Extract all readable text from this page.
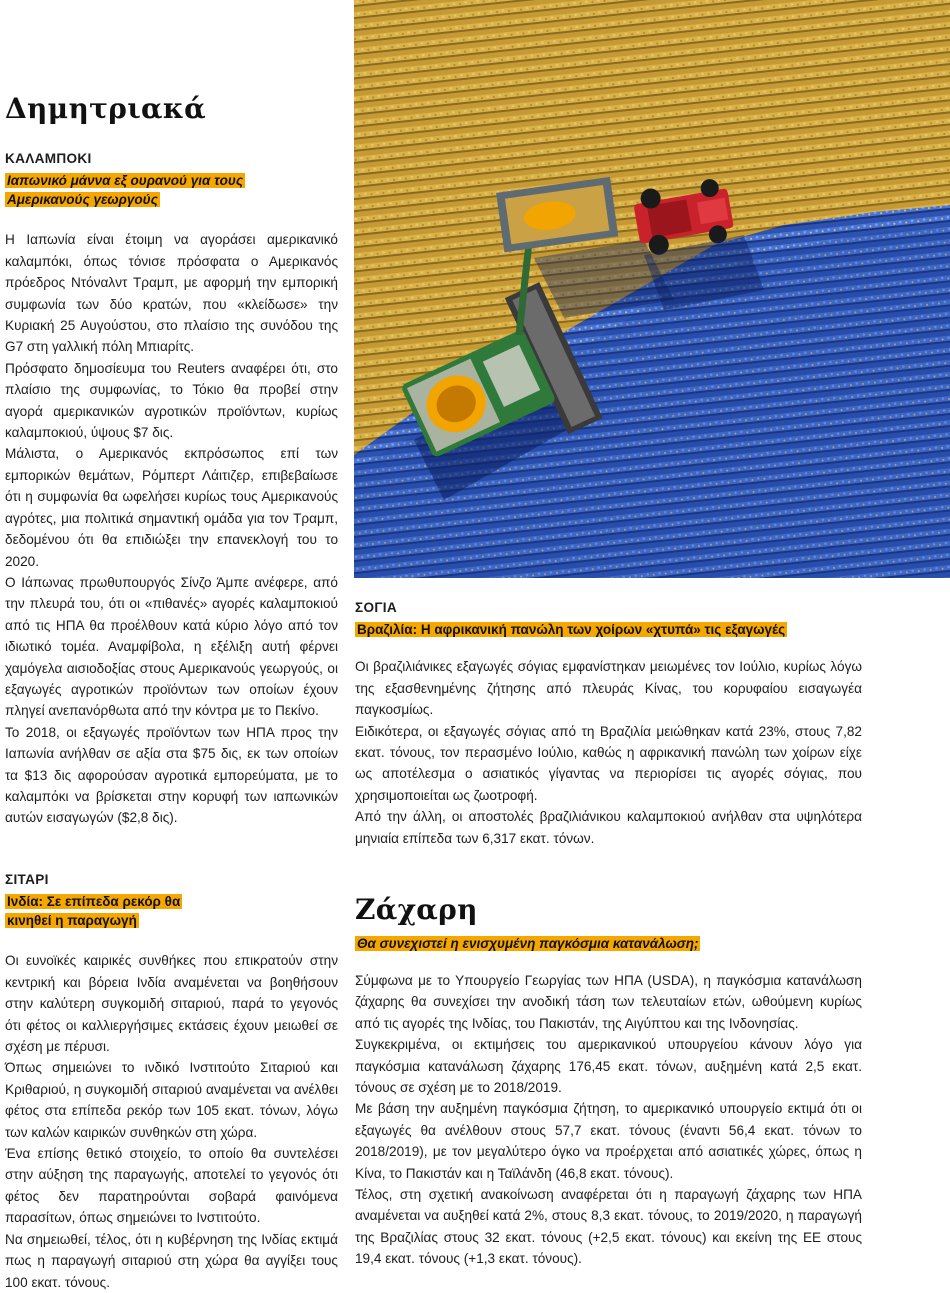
Δημητριακά

ΚΑΛΑΜΠΟΚΙ

Ιαπωνικό μάννα εξ ουρανού για τους Αμερικανούς γεωργούς

Η Ιαπωνία είναι έτοιμη να αγοράσει αμερικανικό καλαμπόκι, όπως τόνισε πρόσφατα ο Αμερικανός πρόεδρος Ντόναλντ Τραμπ, με αφορμή την εμπορική συμφωνία των δύο κρατών, που «κλείδωσε» την Κυριακή 25 Αυγούστου, στο πλαίσιο της συνόδου της G7 στη γαλλική πόλη Μπιαρίτς.

Πρόσφατο δημοσίευμα του Reuters αναφέρει ότι, στο πλαίσιο της συμφωνίας, το Τόκιο θα προβεί στην αγορά αμερικανικών αγροτικών προϊόντων, κυρίως καλαμποκιού, ύψους $7 δις.

Μάλιστα, ο Αμερικανός εκπρόσωπος επί των εμπορικών θεμάτων, Ρόμπερτ Λάιτιζερ, επιβεβαίωσε ότι η συμφωνία θα ωφελήσει κυρίως τους Αμερικανούς αγρότες, μια πολιτικά σημαντική ομάδα για τον Τραμπ, δεδομένου ότι θα επιδιώξει την επανεκλογή του το 2020.

Ο Ιάπωνας πρωθυπουργός Σίνζο Άμπε ανέφερε, από την πλευρά του, ότι οι «πιθανές» αγορές καλαμποκιού από τις ΗΠΑ θα προέλθουν κατά κύριο λόγο από τον ιδιωτικό τομέα. Αναμφίβολα, η εξέλιξη αυτή φέρνει χαμόγελα αισιοδοξίας στους Αμερικανούς γεωργούς, οι εξαγωγές αγροτικών προϊόντων των οποίων έχουν πληγεί ανεπανόρθωτα από την κόντρα με το Πεκίνο.

Το 2018, οι εξαγωγές προϊόντων των ΗΠΑ προς την Ιαπωνία ανήλθαν σε αξία στα $75 δις, εκ των οποίων τα $13 δις αφορούσαν αγροτικά εμπορεύματα, με το καλαμπόκι να βρίσκεται στην κορυφή των ιαπωνικών αυτών εισαγωγών ($2,8 δις).

ΣΙΤΑΡΙ

Ινδία: Σε επίπεδα ρεκόρ θα κινηθεί η παραγωγή

Οι ευνοϊκές καιρικές συνθήκες που επικρατούν στην κεντρική και βόρεια Ινδία αναμένεται να βοηθήσουν στην καλύτερη συγκομιδή σιταριού, παρά το γεγονός ότι φέτος οι καλλιεργήσιμες εκτάσεις έχουν μειωθεί σε σχέση με πέρυσι.

Όπως σημειώνει το ινδικό Ινστιτούτο Σιταριού και Κριθαριού, η συγκομιδή σιταριού αναμένεται να ανέλθει φέτος στα επίπεδα ρεκόρ των 105 εκατ. τόνων, λόγω των καλών καιρικών συνθηκών στη χώρα.

Ένα επίσης θετικό στοιχείο, το οποίο θα συντελέσει στην αύξηση της παραγωγής, αποτελεί το γεγονός ότι φέτος δεν παρατηρούνται σοβαρά φαινόμενα παρασίτων, όπως σημειώνει το Ινστιτούτο.

Να σημειωθεί, τέλος, ότι η κυβέρνηση της Ινδίας εκτιμά πως η παραγωγή σιταριού στη χώρα θα αγγίξει τους 100 εκατ. τόνους.

ΣΟΓΙΑ

Βραζιλία: Η αφρικανική πανώλη των χοίρων «χτυπά» τις εξαγωγές

Οι βραζιλιάνικες εξαγωγές σόγιας εμφανίστηκαν μειωμένες τον Ιούλιο, κυρίως λόγω της εξασθενημένης ζήτησης από πλευράς Κίνας, του κορυφαίου εισαγωγέα παγκοσμίως.

Ειδικότερα, οι εξαγωγές σόγιας από τη Βραζιλία μειώθηκαν κατά 23%, στους 7,82 εκατ. τόνους, τον περασμένο Ιούλιο, καθώς η αφρικανική πανώλη των χοίρων είχε ως αποτέλεσμα ο ασιατικός γίγαντας να περιορίσει τις αγορές σόγιας, που χρησιμοποιείται ως ζωοτροφή.

Από την άλλη, οι αποστολές βραζιλιάνικου καλαμποκιού ανήλθαν στα υψηλότερα μηνιαία επίπεδα των 6,317 εκατ. τόνων.

Ζάχαρη
Θα συνεχιστεί η ενισχυμένη παγκόσμια κατανάλωση;

Σύμφωνα με το Υπουργείο Γεωργίας των ΗΠΑ (USDA), η παγκόσμια κατανάλωση ζάχαρης θα συνεχίσει την ανοδική τάση των τελευταίων ετών, ωθούμενη κυρίως από τις αγορές της Ινδίας, του Πακιστάν, της Αιγύπτου και της Ινδονησίας.

Συγκεκριμένα, οι εκτιμήσεις του αμερικανικού υπουργείου κάνουν λόγο για παγκόσμια κατανάλωση ζάχαρης 176,45 εκατ. τόνων, αυξημένη κατά 2,5 εκατ. τόνους σε σχέση με το 2018/2019.

Με βάση την αυξημένη παγκόσμια ζήτηση, το αμερικανικό υπουργείο εκτιμά ότι οι εξαγωγές θα ανέλθουν στους 57,7 εκατ. τόνους (έναντι 56,4 εκατ. τόνων το 2018/2019), με τον μεγαλύτερο όγκο να προέρχεται από ασιατικές χώρες, όπως η Κίνα, το Πακιστάν και η Ταϊλάνδη (46,8 εκατ. τόνους).

Τέλος, στη σχετική ανακοίνωση αναφέρεται ότι η παραγωγή ζάχαρης των ΗΠΑ αναμένεται να αυξηθεί κατά 2%, στους 8,3 εκατ. τόνους, το 2019/2020, η παραγωγή της Βραζιλίας στους 32 εκατ. τόνους (+2,5 εκατ. τόνους) και εκείνη της ΕΕ στους 19,4 εκατ. τόνους (+1,3 εκατ. τόνους).
